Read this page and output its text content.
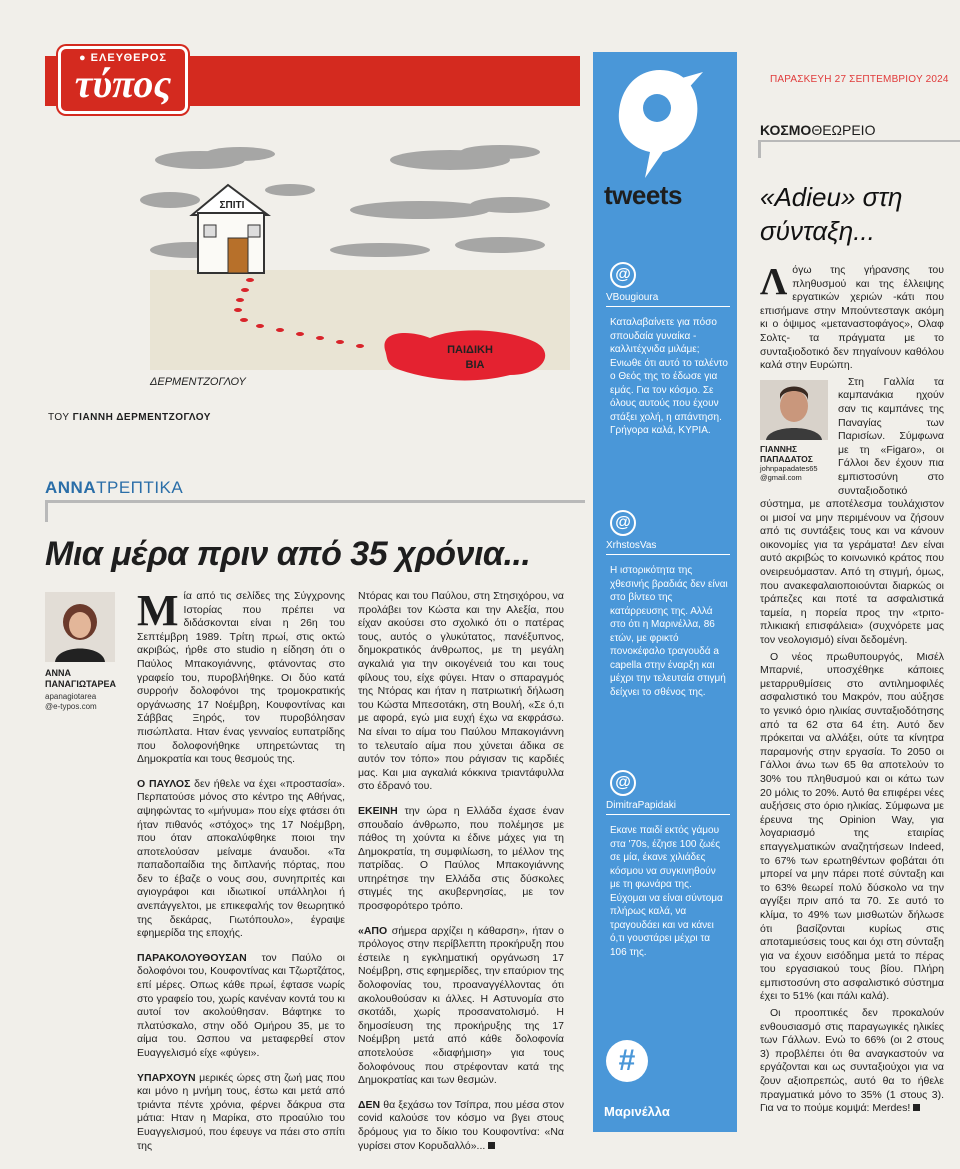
● ΕΛΕΥΘΕΡΟΣ
τύπος
ΣΠΙΤΙ
ΠΑΙΔΙΚΗ
ΒΙΑ
ΔΕΡΜΕΝΤΖΟΓΛΟΥ
ΤΟΥ ΓΙΑΝΝΗ ΔΕΡΜΕΝΤΖΟΓΛΟΥ
ΑΝΝΑΤΡΕΠΤΙΚΑ
Μια μέρα πριν από 35 χρόνια...
ΑΝΝΑ
ΠΑΝΑΓΙΩΤΑΡΕΑ
apanagiotarea
@e-typos.com

Μία από τις σελίδες της Σύγχρονης Ιστορίας που πρέπει να διδάσκονται είναι η 26η του Σεπτέμβρη 1989. Τρίτη πρωί, στις οκτώ ακριβώς, ήρθε στο studio η είδηση ότι ο Παύλος Μπακογιάννης, φτάνοντας στο γραφείο του, πυροβλήθηκε. Οι δύο κατά συρροήν δολοφόνοι της τρομοκρατικής οργάνωσης 17 Νοέμβρη, Κουφοντίνας και Σάββας Ξηρός, τον πυροβόλησαν πισώπλατα. Ηταν ένας γενναίος ευπατρίδης που δολοφονήθηκε υπηρετώντας τη Δημοκρατία και τους θεσμούς της.

Ο ΠΑΥΛΟΣ δεν ήθελε να έχει «προστασία». Περπατούσε μόνος στο κέντρο της Αθήνας, αψηφώντας το «μήνυμα» που είχε φτάσει ότι ήταν πιθανός «στόχος» της 17 Νοέμβρη, που όταν αποκαλύφθηκε ποιοι την αποτελούσαν μείναμε άναυδοι. «Τα παπαδοπαίδια της διπλανής πόρτας, που δεν το έβαζε ο νους σου, συνηπριτές και αγιογράφοι και ιδιωτικοί υπάλληλοι ή ανεπάγγελτοι, με επικεφαλής τον θεωρητικό της δεκάρας, Γιωτόπουλο», έγραψε εφημερίδα της εποχής.

ΠΑΡΑΚΟΛΟΥΘΟΥΣΑΝ τον Παύλο οι δολοφόνοι του, Κουφοντίνας και Τζωρτζάτος, επί μέρες. Οπως κάθε πρωί, έφτασε νωρίς στο γραφείο του, χωρίς κανέναν κοντά του κι αυτοί τον ακολούθησαν. Βάφτηκε το πλατύσκαλο, στην οδό Ομήρου 35, με το αίμα του. Ωσπου να μεταφερθεί στον Ευαγγελισμό είχε «φύγει».

ΥΠΑΡΧΟΥΝ μερικές ώρες στη ζωή μας που και μόνο η μνήμη τους, έστω και μετά από τριάντα πέντε χρόνια, φέρνει δάκρυα στα μάτια: Ηταν η Μαρίκα, στο προαύλιο του Ευαγγελισμού, που έφευγε να πάει στο σπίτι της

Ντόρας και του Παύλου, στη Στησιχόρου, να προλάβει τον Κώστα και την Αλεξία, που είχαν ακούσει στο σχολικό ότι ο πατέρας τους, αυτός ο γλυκύτατος, πανέξυπνος, δημοκρατικός άνθρωπος, με τη μεγάλη αγκαλιά για την οικογένειά του και τους φίλους του, είχε φύγει. Ηταν ο σπαραγμός της Ντόρας και ήταν η πατριωτική δήλωση του Κώστα Μπεσοτάκη, στη Βουλή, «Σε ό,τι με αφορά, εγώ μια ευχή έχω να εκφράσω. Να είναι το αίμα του Παύλου Μπακογιάννη το τελευταίο αίμα που χύνεται άδικα σε αυτόν τον τόπο» που ράγισαν τις καρδιές μας. Και μια αγκαλιά κόκκινα τριαντάφυλλα στο έδρανό του.

ΕΚΕΙΝΗ την ώρα η Ελλάδα έχασε έναν σπουδαίο άνθρωπο, που πολέμησε με πάθος τη χούντα κι έδινε μάχες για τη Δημοκρατία, τη συμφιλίωση, το μέλλον της πατρίδας. Ο Παύλος Μπακογιάννης υπηρέτησε την Ελλάδα στις δύσκολες στιγμές της ακυβερνησίας, με τον προσφορότερο τρόπο.

«ΑΠΟ σήμερα αρχίζει η κάθαρση», ήταν ο πρόλογος στην περίβλεπτη προκήρυξη που έστειλε η εγκληματική οργάνωση 17 Νοέμβρη, στις εφημερίδες, την επαύριον της δολοφονίας του, προαναγγέλλοντας ότι ακολουθούσαν κι άλλες. Η Αστυνομία στο σκοτάδι, χωρίς προσανατολισμό. Η δημοσίευση της προκήρυξης της 17 Νοέμβρη μετά από κάθε δολοφονία αποτελούσε «διαφήμιση» για τους δολοφόνους που στρέφονταν κατά της Δημοκρατίας και των θεσμών.

ΔΕΝ θα ξεχάσω τον Τσίπρα, που μέσα στον covid καλούσε τον κόσμο να βγει στους δρόμους για το δίκιο του Κουφοντίνα: «Να γυρίσει στον Κορυδαλλό»...

tweets
@
VBougioura
Καταλαβαίνετε για πόσο σπουδαία γυναίκα - καλλιτέχνιδα μιλάμε; Ενιωθε ότι αυτό το ταλέντο ο Θεός της το έδωσε για εμάς. Για τον κόσμο. Σε όλους αυτούς που έχουν στάξει χολή, η απάντηση. Γρήγορα καλά, ΚΥΡΙΑ.
@
XrhstosVas
Η ιστορικότητα της χθεσινής βραδιάς δεν είναι στο βίντεο της κατάρρευσης της. Αλλά στο ότι η Μαρινέλλα, 86 ετών, με φρικτό πονοκέφαλο τραγουδά a capella στην έναρξη και μέχρι την τελευταία στιγμή δείχνει το σθένος της.
@
DimitraPapidaki
Εκανε παιδί εκτός γάμου στα '70s, έζησε 100 ζωές σε μία, έκανε χιλιάδες κόσμου να συγκινηθούν με τη φωνάρα της. Εύχομαι να είναι σύντομα πλήρως καλά, να τραγουδάει και να κάνει ό,τι γουστάρει μέχρι τα 106 της.
#
Μαρινέλλα
ΠΑΡΑΣΚΕΥΗ 27 ΣΕΠΤΕΜΒΡΙΟΥ 2024
ΚΟΣΜΟΘΕΩΡΕΙΟ
«Adieu» στη σύνταξη...

Λόγω της γήρανσης του πληθυσμού και της έλλειψης εργατικών χεριών -κάτι που επισήμανε στην Μπούντεσταγκ ακόμη κι ο όψιμος «μεταναστοφάγος», Ολαφ Σολτς- τα πράγματα με το συνταξιοδοτικό δεν πηγαίνουν καθόλου καλά στην Ευρώπη.

ΓΙΑΝΝΗΣ
ΠΑΠΑΔΑΤΟΣ
johnpapadates65
@gmail.com

Στη Γαλλία τα καμπανάκια ηχούν σαν τις καμπάνες της Παναγίας των Παρισίων. Σύμφωνα με τη «Figaro», οι Γάλλοι δεν έχουν πια εμπιστοσύνη στο συνταξιοδοτικό σύστημα, με αποτέλεσμα τουλάχιστον οι μισοί να μην περιμένουν να ζήσουν από τις συντάξεις τους και να κάνουν οικονομίες για τα γεράματα! Δεν είναι αυτό ακριβώς το κοινωνικό κράτος που ονειρευόμασταν. Από τη στιγμή, όμως, που ανακεφαλαιοποιούνται διαρκώς οι τράπεζες και ποτέ τα ασφαλιστικά ταμεία, η πορεία προς την «τριτο-πλικιακή επισφάλεια» (συχνόρετε μας τον νεολογισμό) είναι δεδομένη.

Ο νέος πρωθυπουργός, Μισέλ Μπαρνιέ, υποσχέθηκε κάποιες μεταρρυθμίσεις στο αντιλημοφιλές ασφαλιστικό του Μακρόν, που αύξησε το γενικό όριο ηλικίας συνταξιοδότησης από τα 62 στα 64 έτη. Αυτό δεν πρόκειται να αλλάξει, ούτε τα κίνητρα παραμονής στην εργασία. Το 2050 οι Γάλλοι άνω των 65 θα αποτελούν το 30% του πληθυσμού και οι κάτω των 20 μόλις το 20%. Αυτό θα επιφέρει νέες αυξήσεις στο όριο ηλικίας. Σύμφωνα με έρευνα της Opinion Way, για λογαριασμό της εταιρίας επαγγελματικών αναζητήσεων Indeed, το 67% των ερωτηθέντων φοβάται ότι μπορεί να μην πάρει ποτέ σύνταξη και το 63% θεωρεί πολύ δύσκολο να την αγγίξει πριν από τα 70. Σε αυτό το κλίμα, το 49% των μισθωτών δήλωσε ότι βασίζονται κυρίως στις αποταμιεύσεις τους και όχι στη σύνταξη για να έχουν εισόδημα μετά το πέρας του εργασιακού τους βίου. Πλήρη εμπιστοσύνη στο ασφαλιστικό σύστημα έχει το 51% (και πάλι καλά).

Οι προοπτικές δεν προκαλούν ενθουσιασμό στις παραγωγικές ηλικίες των Γάλλων. Ενώ το 66% (οι 2 στους 3) προβλέπει ότι θα αναγκαστούν να εργάζονται και ως συνταξιούχοι για να ζουν αξιοπρεπώς, αυτό θα το ήθελε πραγματικά μόνο το 35% (1 στους 3). Για να το πούμε κομψά: Merdes!
